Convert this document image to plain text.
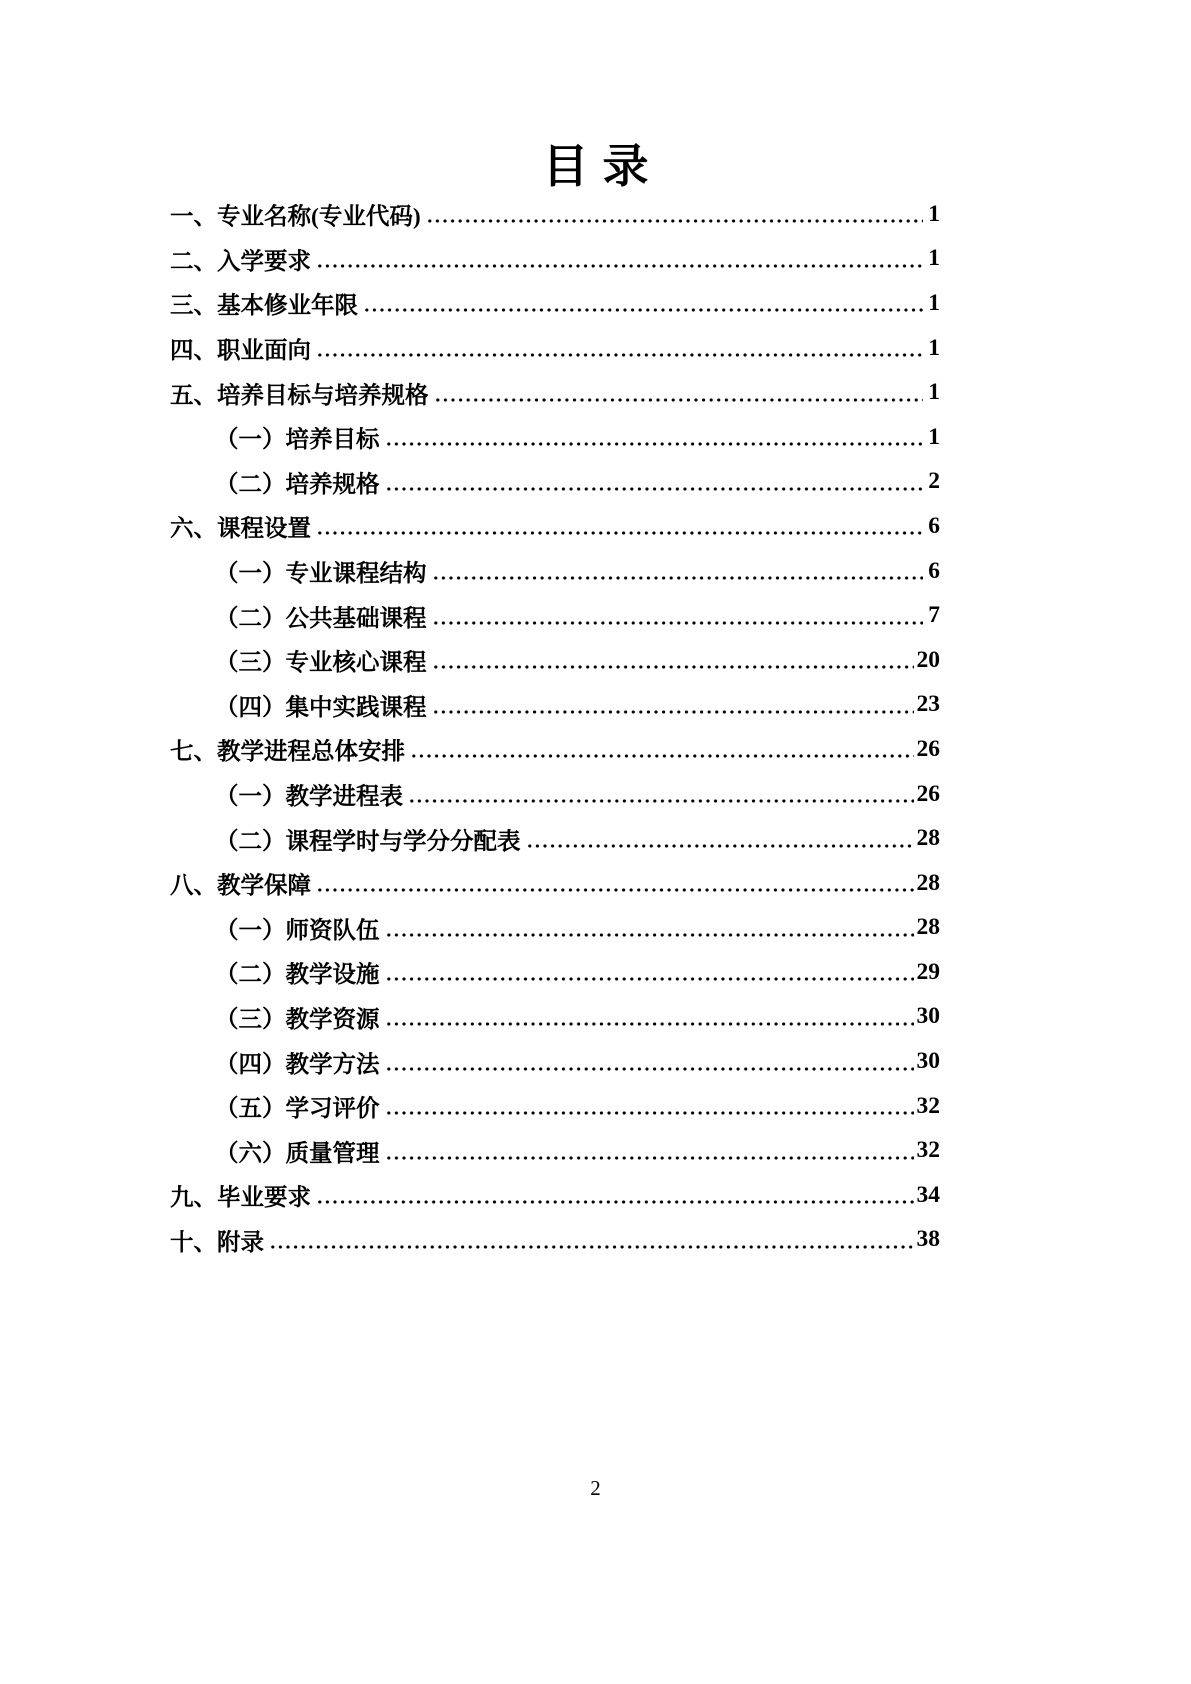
目录
一、专业名称(专业代码)	1
二、入学要求	1
三、基本修业年限	1
四、职业面向	1
五、培养目标与培养规格	1
（一）培养目标	1
（二）培养规格	2
六、课程设置	6
（一）专业课程结构	6
（二）公共基础课程	7
（三）专业核心课程	20
（四）集中实践课程	23
七、教学进程总体安排	26
（一）教学进程表	26
（二）课程学时与学分分配表	28
八、教学保障	28
（一）师资队伍	28
（二）教学设施	29
（三）教学资源	30
（四）教学方法	30
（五）学习评价	32
（六）质量管理	32
九、毕业要求	34
十、附录	38
2
